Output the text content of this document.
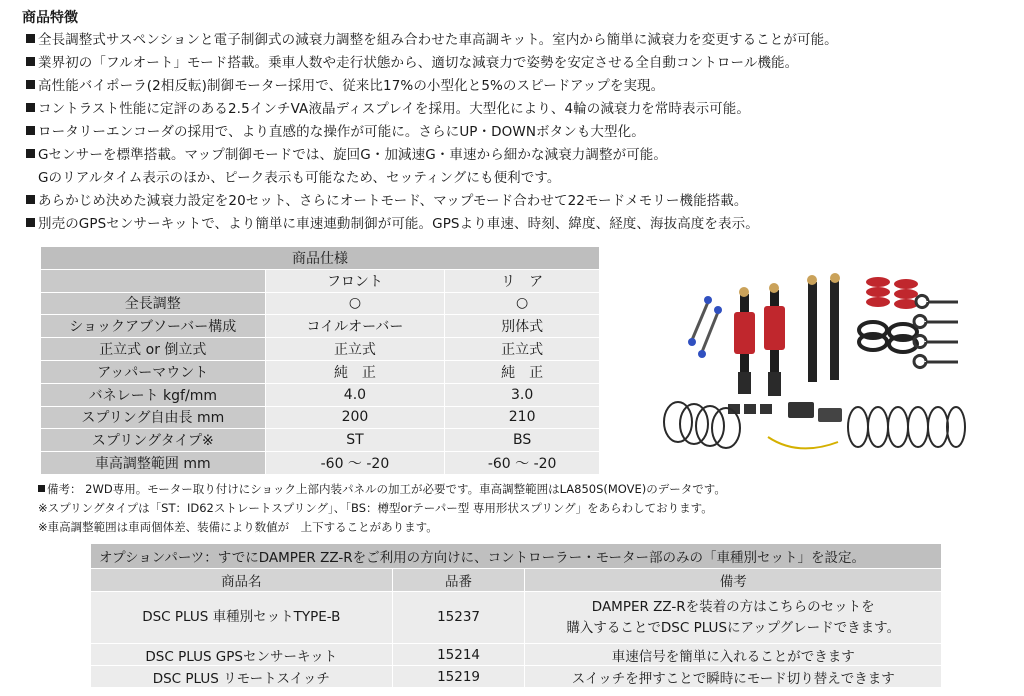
商品特徴
全長調整式サスペンションと電子制御式の減衰力調整を組み合わせた車高調キット。室内から簡単に減衰力を変更することが可能。
業界初の「フルオート」モード搭載。乗車人数や走行状態から、適切な減衰力で姿勢を安定させる全自動コントロール機能。
高性能バイポーラ(2相反転)制御モーター採用で、従来比17%の小型化と5%のスピードアップを実現。
コントラスト性能に定評のある2.5インチVA液晶ディスプレイを採用。大型化により、4輪の減衰力を常時表示可能。
ロータリーエンコーダの採用で、より直感的な操作が可能に。さらにUP・DOWNボタンも大型化。
Gセンサーを標準搭載。マップ制御モードでは、旋回G・加減速G・車速から細かな減衰力調整が可能。
Gのリアルタイム表示のほか、ピーク表示も可能なため、セッティングにも便利です。
あらかじめ決めた減衰力設定を20セット、さらにオートモード、マップモード合わせて22モードメモリー機能搭載。
別売のGPSセンサーキットで、より簡単に車速連動制御が可能。GPSより車速、時刻、緯度、経度、海抜高度を表示。
商品仕様		
	フロント	リ　ア
全長調整	○	○
ショックアブソーバー構成	コイルオーバー	別体式
正立式 or 倒立式	正立式	正立式
アッパーマウント	純　正	純　正
バネレート kgf/mm	4.0	3.0
スプリング自由長 mm	200	210
スプリングタイプ※	ST	BS
車高調整範囲 mm	-60 ～ -20	-60 ～ -20
備考： 2WD専用。モーター取り付けにショック上部内装パネルの加工が必要です。車高調整範囲はLA850S(MOVE)のデータです。
※スプリングタイプは「ST：ID62ストレートスプリング」、「BS：樽型orテーパー型 専用形状スプリング」をあらわしております。
※車高調整範囲は車両個体差、装備により数値が　上下することがあります。
オプションパーツ：すでにDAMPER ZZ-Rをご利用の方向けに、コントローラー・モーター部のみの「車種別セット」を設定。		
商品名	品番	備考
DSC PLUS 車種別セットTYPE-B	15237	DAMPER ZZ-Rを装着の方はこちらのセットを
購入することでDSC PLUSにアップグレードできます。

DSC PLUS GPSセンサーキット	15214	車速信号を簡単に入れることができます
DSC PLUS リモートスイッチ	15219	スイッチを押すことで瞬時にモード切り替えできます
